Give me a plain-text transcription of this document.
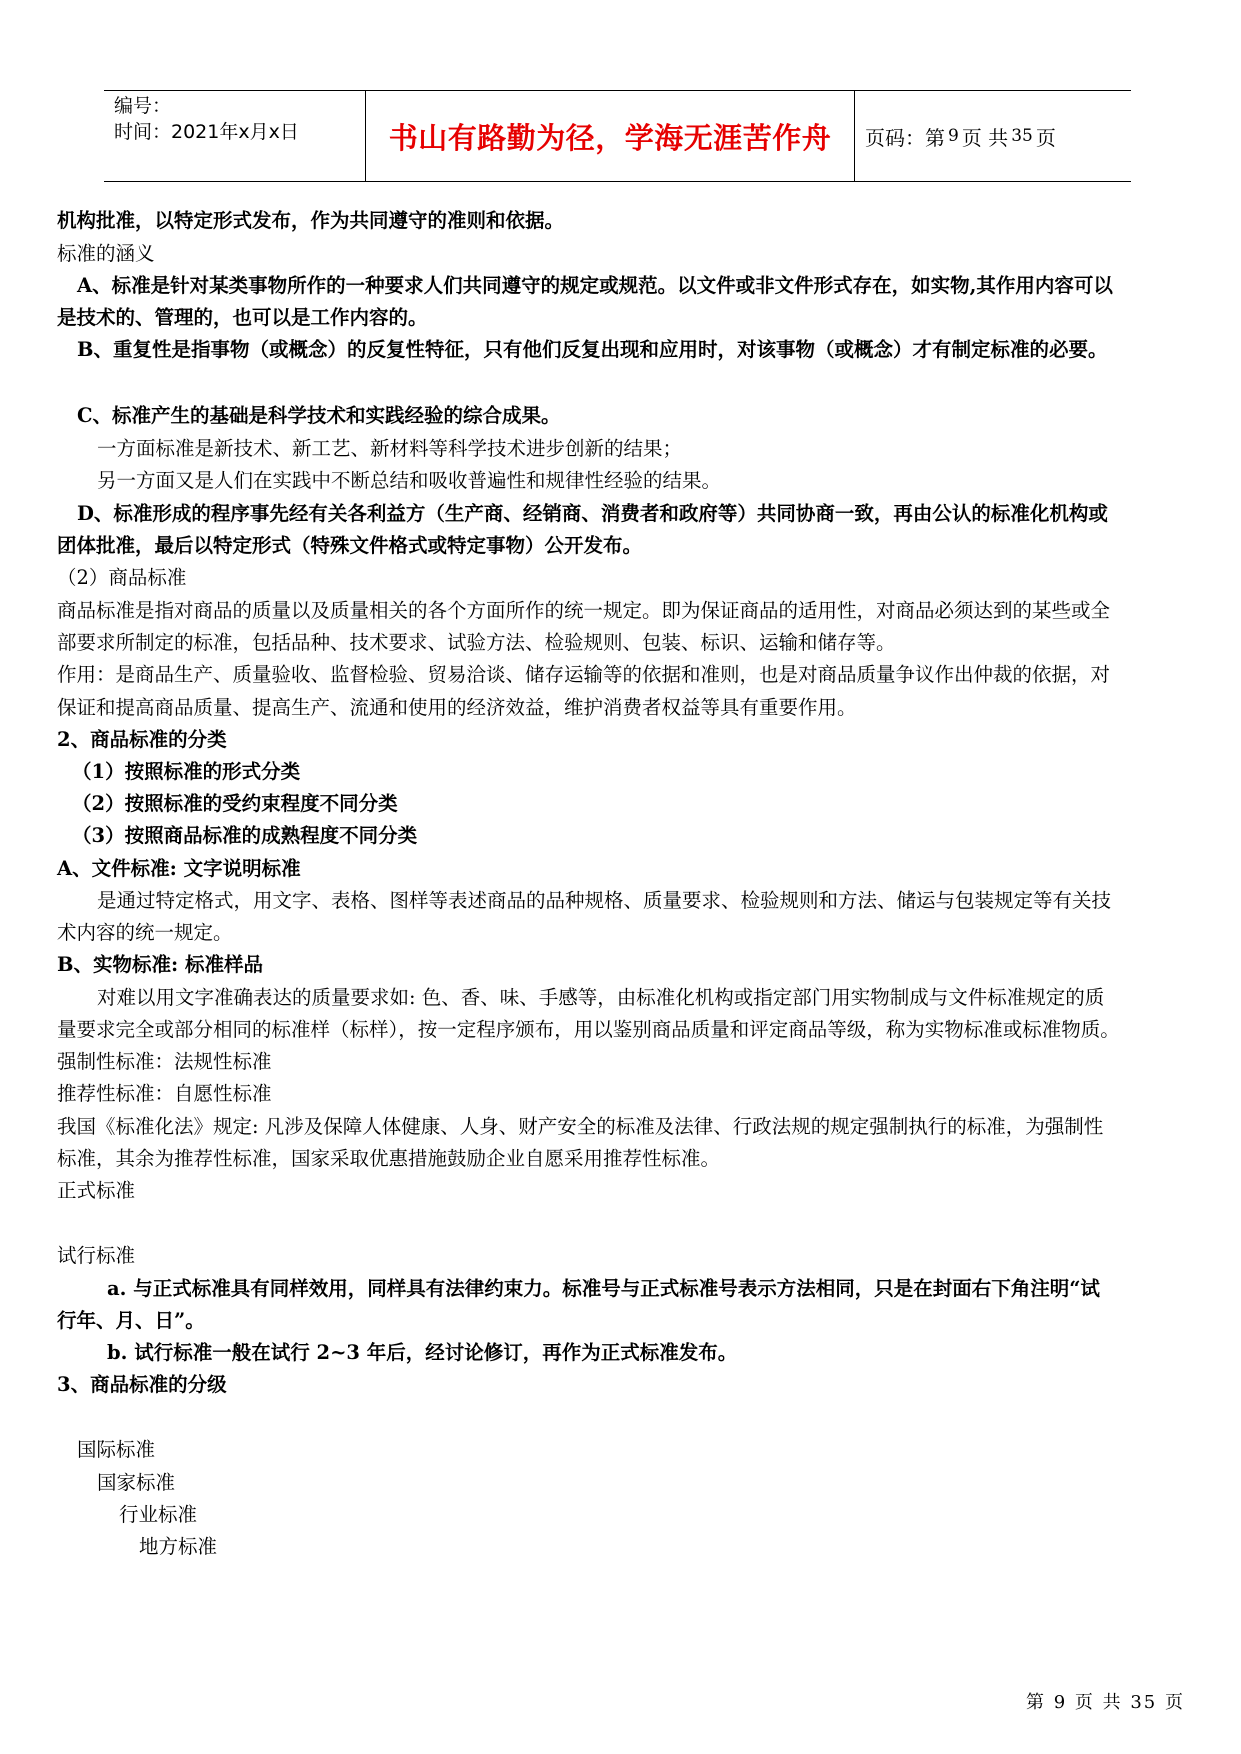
编号：
时间：2021年x月x日	书山有路勤为径，学海无涯苦作舟	页码：第 9 页 共 35 页
机构批准，以特定形式发布，作为共同遵守的准则和依据。
标准的涵义
A、标准是针对某类事物所作的一种要求人们共同遵守的规定或规范。以文件或非文件形式存在，如实物,其作用内容可以
是技术的、管理的，也可以是工作内容的。
B、重复性是指事物（或概念）的反复性特征，只有他们反复出现和应用时，对该事物（或概念）才有制定标准的必要。
C、标准产生的基础是科学技术和实践经验的综合成果。
一方面标准是新技术、新工艺、新材料等科学技术进步创新的结果；
另一方面又是人们在实践中不断总结和吸收普遍性和规律性经验的结果。
D、标准形成的程序事先经有关各利益方（生产商、经销商、消费者和政府等）共同协商一致，再由公认的标准化机构或
团体批准，最后以特定形式（特殊文件格式或特定事物）公开发布。
（2）商品标准
商品标准是指对商品的质量以及质量相关的各个方面所作的统一规定。即为保证商品的适用性，对商品必须达到的某些或全
部要求所制定的标准，包括品种、技术要求、试验方法、检验规则、包装、标识、运输和储存等。
作用：是商品生产、质量验收、监督检验、贸易洽谈、储存运输等的依据和准则，也是对商品质量争议作出仲裁的依据，对
保证和提高商品质量、提高生产、流通和使用的经济效益，维护消费者权益等具有重要作用。
2、商品标准的分类
（1）按照标准的形式分类
（2）按照标准的受约束程度不同分类
（3）按照商品标准的成熟程度不同分类
A、文件标准: 文字说明标准
是通过特定格式，用文字、表格、图样等表述商品的品种规格、质量要求、检验规则和方法、储运与包装规定等有关技
术内容的统一规定。
B、实物标准: 标准样品
对难以用文字准确表达的质量要求如: 色、香、味、手感等，由标准化机构或指定部门用实物制成与文件标准规定的质
量要求完全或部分相同的标准样（标样），按一定程序颁布，用以鉴别商品质量和评定商品等级，称为实物标准或标准物质。
强制性标准：法规性标准
推荐性标准：自愿性标准
我国《标准化法》规定: 凡涉及保障人体健康、人身、财产安全的标准及法律、行政法规的规定强制执行的标准，为强制性
标准，其余为推荐性标准，国家采取优惠措施鼓励企业自愿采用推荐性标准。
正式标准
试行标准
a. 与正式标准具有同样效用，同样具有法律约束力。标准号与正式标准号表示方法相同，只是在封面右下角注明“试
行年、月、日”。
b. 试行标准一般在试行 2~3 年后，经讨论修订，再作为正式标准发布。
3、商品标准的分级
国际标准
国家标准
行业标准
地方标准
第 9 页 共 35 页
